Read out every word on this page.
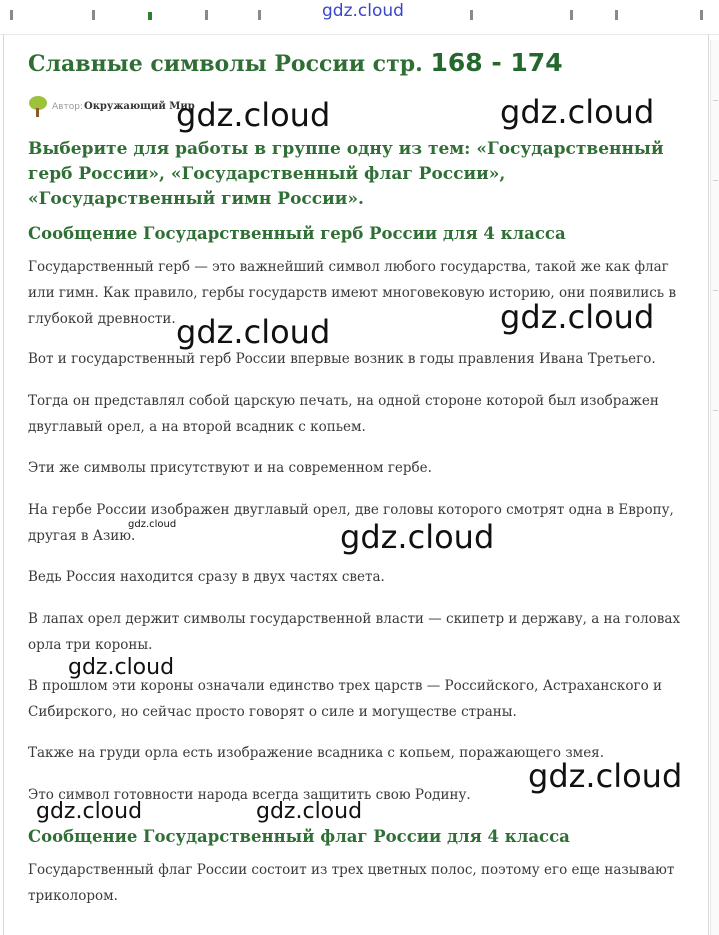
gdz.cloud
Славные символы России стр. 168 - 174
Автор: Окружающий Мир
Выберите для работы в группе одну из тем: «Государственный герб России», «Государственный флаг России», «Государственный гимн России».
Сообщение Государственный герб России для 4 класса
Государственный герб — это важнейший символ любого государства, такой же как флаг
или гимн. Как правило, гербы государств имеют многовековую историю, они появились в
глубокой древности.
Вот и государственный герб России впервые возник в годы правления Ивана Третьего.
Тогда он представлял собой царскую печать, на одной стороне которой был изображен
двуглавый орел, а на второй всадник с копьем.
Эти же символы присутствуют и на современном гербе.
На гербе России изображен двуглавый орел, две головы которого смотрят одна в Европу,
другая в Азию.
Ведь Россия находится сразу в двух частях света.
В лапах орел держит символы государственной власти — скипетр и державу, а на головах
орла три короны.
В прошлом эти короны означали единство трех царств — Российского, Астраханского и
Сибирского, но сейчас просто говорят о силе и могуществе страны.
Также на груди орла есть изображение всадника с копьем, поражающего змея.
Это символ готовности народа всегда защитить свою Родину.
Сообщение Государственный флаг России для 4 класса
Государственный флаг России состоит из трех цветных полос, поэтому его еще называют
триколором.
gdz.cloud	gdz.cloud
gdz.cloud	gdz.cloud
gdz.cloud	gdz.cloud
gdz.cloud
gdz.cloud
gdz.cloud	gdz.cloud
